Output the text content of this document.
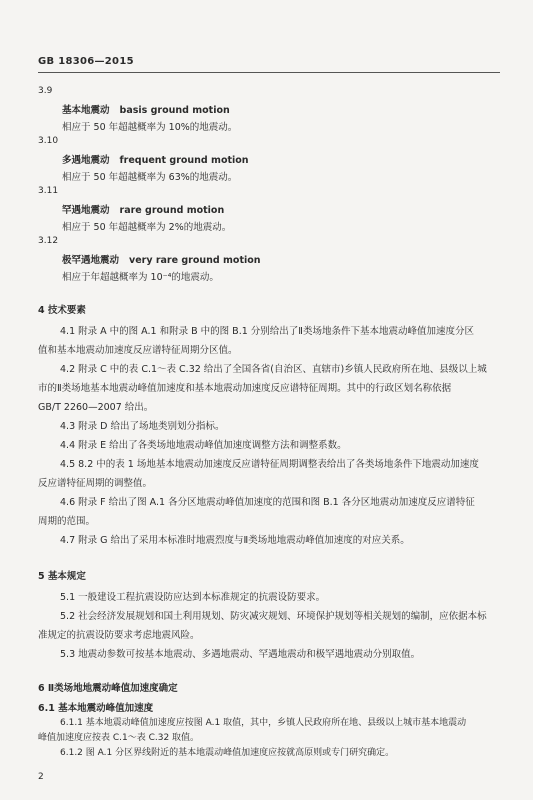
GB 18306—2015
3.9
基本地震动 basis ground motion
相应于 50 年超越概率为 10%的地震动。
3.10
多遇地震动 frequent ground motion
相应于 50 年超越概率为 63%的地震动。
3.11
罕遇地震动 rare ground motion
相应于 50 年超越概率为 2%的地震动。
3.12
极罕遇地震动 very rare ground motion
相应于年超越概率为 10⁻⁴的地震动。
4 技术要素
4.1 附录 A 中的图 A.1 和附录 B 中的图 B.1 分别给出了Ⅱ类场地条件下基本地震动峰值加速度分区
值和基本地震动加速度反应谱特征周期分区值。
4.2 附录 C 中的表 C.1～表 C.32 给出了全国各省(自治区、直辖市)乡镇人民政府所在地、县级以上城
市的Ⅱ类场地基本地震动峰值加速度和基本地震动加速度反应谱特征周期。其中的行政区划名称依据
GB/T 2260—2007 给出。
4.3 附录 D 给出了场地类别划分指标。
4.4 附录 E 给出了各类场地地震动峰值加速度调整方法和调整系数。
4.5 8.2 中的表 1 场地基本地震动加速度反应谱特征周期调整表给出了各类场地条件下地震动加速度
反应谱特征周期的调整值。
4.6 附录 F 给出了图 A.1 各分区地震动峰值加速度的范围和图 B.1 各分区地震动加速度反应谱特征
周期的范围。
4.7 附录 G 给出了采用本标准时地震烈度与Ⅱ类场地地震动峰值加速度的对应关系。
5 基本规定
5.1 一般建设工程抗震设防应达到本标准规定的抗震设防要求。
5.2 社会经济发展规划和国土利用规划、防灾减灾规划、环境保护规划等相关规划的编制，应依据本标
准规定的抗震设防要求考虑地震风险。
5.3 地震动参数可按基本地震动、多遇地震动、罕遇地震动和极罕遇地震动分别取值。
6 Ⅱ类场地地震动峰值加速度确定
6.1 基本地震动峰值加速度
6.1.1 基本地震动峰值加速度应按图 A.1 取值，其中，乡镇人民政府所在地、县级以上城市基本地震动
峰值加速度应按表 C.1～表 C.32 取值。
6.1.2 图 A.1 分区界线附近的基本地震动峰值加速度应按就高原则或专门研究确定。
2
